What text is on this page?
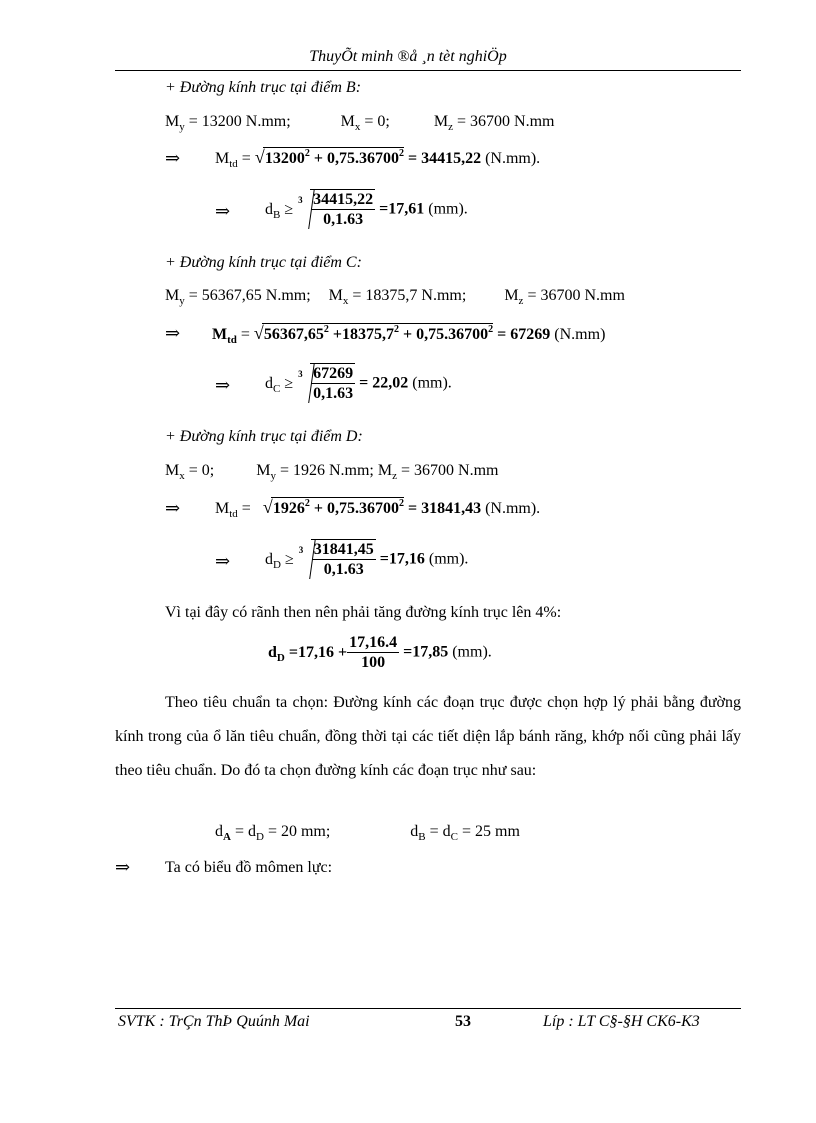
ThuyÕt minh ®å ¸n tèt nghiÖp
+ Đường kính trục tại điểm B:
$M_y = 13200$ N.mm;	$M_x = 0$;	$M_z = 36700$ N.mm
⇒ $M_{td}$ = √ $13200^2 + 0,75.36700^2 = 34415,22$ (N.mm).
⇒ $d_B$ ≥
$3 \frac{34415,22}{0,1.63} =17,61$ (mm).
+ Đường kính trục tại điểm C:
$M_y = 56367,65$ N.mm; $M_x = 18375,7$ N.mm; $M_z = 36700$ N.mm
⇒ $M_{td}$ = √ $56367,65^2 +18375,7^2 + 0,75.36700^2 = 67269$ (N.mm)
⇒ $d_C$ ≥
$3 \frac{67269}{0,1.63} = 22,02$ (mm).
+ Đường kính trục tại điểm D:
$M_x = 0$;	$M_y = 1926$ N.mm; $M_z = 36700$ N.mm
⇒ $M_{td}$ = √ $1926^2 + 0,75.36700^2 = 31841,43$ (N.mm).
⇒ $d_D$ ≥
$3 \frac{31841,45}{0,1.63} =17,16$ (mm).
Vì tại đây có rãnh then nên phải tăng đường kính trục lên 4%:
$d_D =17,16 + \frac{17,16.4}{100} =17,85$ (mm).
Theo tiêu chuẩn ta chọn: Đường kính các đoạn trục được chọn hợp lý phải bằng đường kính trong của ổ lăn tiêu chuẩn, đồng thời tại các tiết diện lắp bánh răng, khớp nối cũng phải lấy theo tiêu chuẩn. Do đó ta chọn đường kính các đoạn trục như sau:
$d_A = d_D = 20$ mm;	$d_B = d_C = 25$ mm
⇒ Ta có biểu đồ mômen lực:
SVTK : TrÇn ThÞ Quúnh Mai	53	Líp : LT C§-§H CK6-K3
